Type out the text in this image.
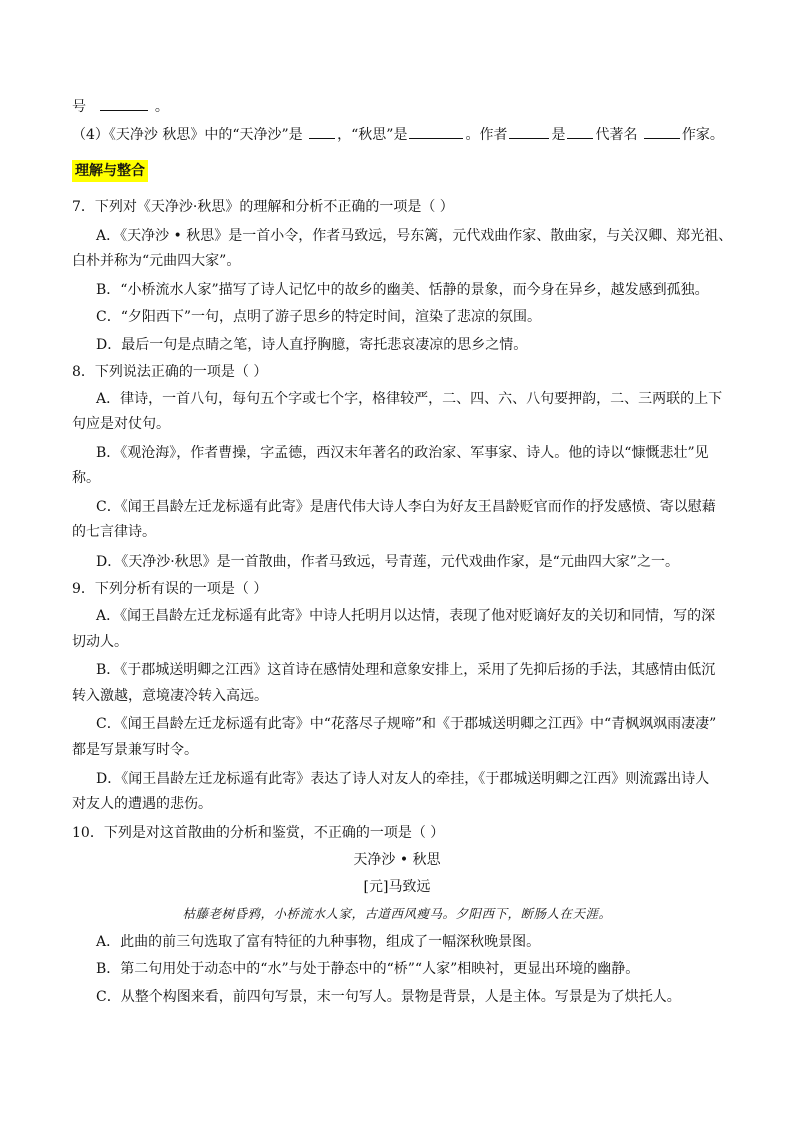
号	。
（4）《天净沙 秋思》中的“天净沙”是 ，“秋思”是	。作者	是 代著名	作家。
理解与整合
7．下列对《天净沙·秋思》的理解和分析不正确的一项是（ ）
A．《天净沙 • 秋思》是一首小令，作者马致远，号东篱，元代戏曲作家、散曲家，与关汉卿、郑光祖、
白朴并称为“元曲四大家”。
B．“小桥流水人家”描写了诗人记忆中的故乡的幽美、恬静的景象，而今身在异乡，越发感到孤独。
C．“夕阳西下”一句，点明了游子思乡的特定时间，渲染了悲凉的氛围。
D．最后一句是点睛之笔，诗人直抒胸臆，寄托悲哀凄凉的思乡之情。
8．下列说法正确的一项是（ ）
A．律诗，一首八句，每句五个字或七个字，格律较严，二、四、六、八句要押韵，二、三两联的上下
句应是对仗句。
B．《观沧海》，作者曹操，字孟德，西汉末年著名的政治家、军事家、诗人。他的诗以“慷慨悲壮”见
称。
C．《闻王昌龄左迁龙标遥有此寄》是唐代伟大诗人李白为好友王昌龄贬官而作的抒发感愤、寄以慰藉
的七言律诗。
D．《天净沙·秋思》是一首散曲，作者马致远，号青莲，元代戏曲作家，是“元曲四大家”之一。
9．下列分析有误的一项是（ ）
A．《闻王昌龄左迁龙标遥有此寄》中诗人托明月以达情，表现了他对贬谪好友的关切和同情，写的深
切动人。
B．《于郡城送明卿之江西》这首诗在感情处理和意象安排上，采用了先抑后扬的手法，其感情由低沉
转入激越，意境凄冷转入高远。
C．《闻王昌龄左迁龙标遥有此寄》中“花落尽子规啼”和《于郡城送明卿之江西》中“青枫飒飒雨凄凄”
都是写景兼写时令。
D．《闻王昌龄左迁龙标遥有此寄》表达了诗人对友人的牵挂，《于郡城送明卿之江西》则流露出诗人
对友人的遭遇的悲伤。
10．下列是对这首散曲的分析和鉴赏，不正确的一项是（ ）
天净沙 • 秋思
[元]马致远
枯藤老树昏鸦，小桥流水人家，古道西风瘦马。夕阳西下，断肠人在天涯。
A．此曲的前三句选取了富有特征的九种事物，组成了一幅深秋晚景图。
B．第二句用处于动态中的“水”与处于静态中的“桥”“人家”相映衬，更显出环境的幽静。
C．从整个构图来看，前四句写景，末一句写人。景物是背景，人是主体。写景是为了烘托人。
